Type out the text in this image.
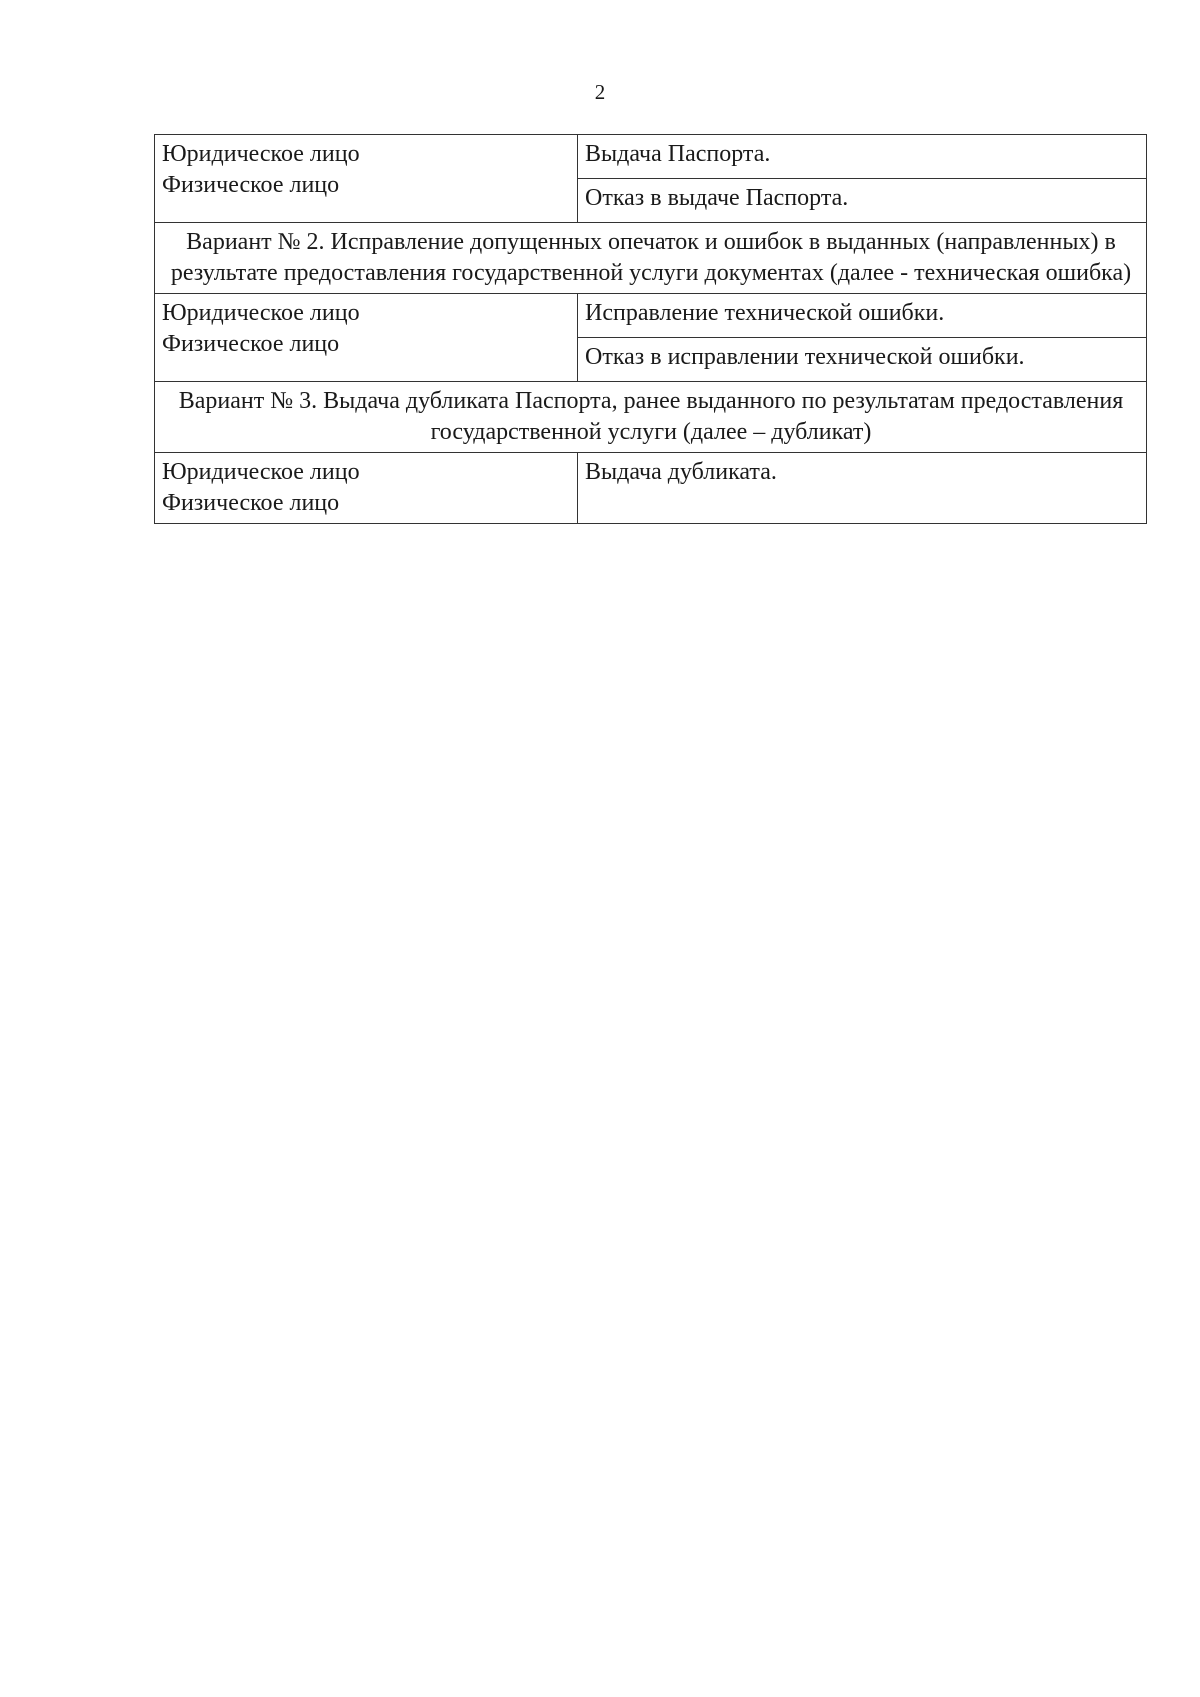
2
Юридическое лицо
Физическое лицо	Выдача Паспорта.
	Отказ в выдаче Паспорта.
Вариант № 2. Исправление допущенных опечаток и ошибок в выданных (направленных) в результате предоставления государственной услуги документах (далее - техническая ошибка)	

Юридическое лицо
Физическое лицо	Исправление технической ошибки.
	Отказ в исправлении технической ошибки.
Вариант № 3. Выдача дубликата Паспорта, ранее выданного по результатам предоставления государственной услуги (далее – дубликат)	

Юридическое лицо
Физическое лицо	Выдача дубликата.
